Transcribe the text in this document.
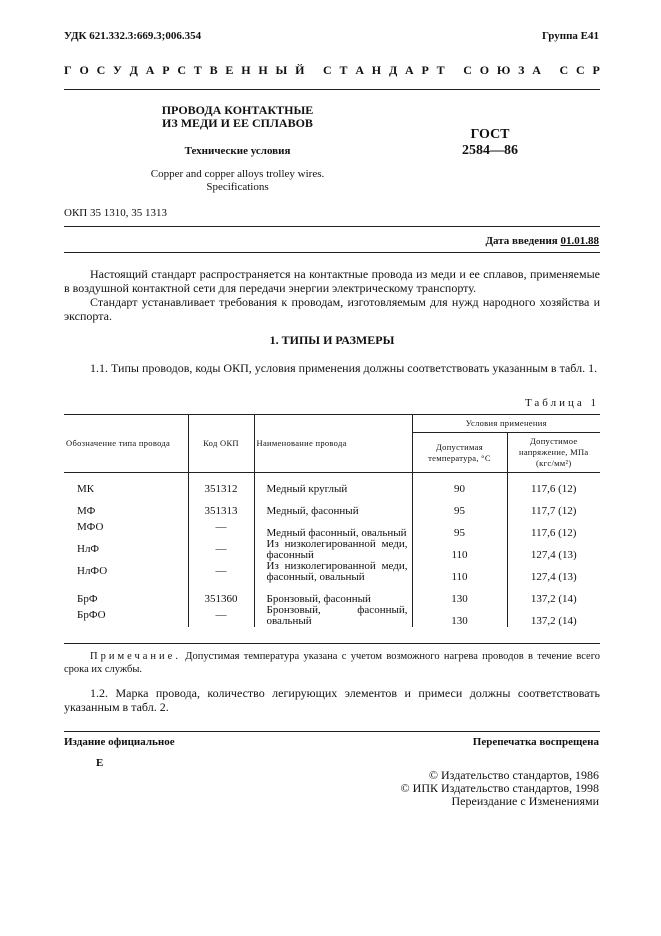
УДК 621.332.3:669.3;006.354	Группа Е41
Г О С У Д А Р С Т В Е Н Н Ы Й
С Т А Н Д А Р Т
С О Ю З А
С С Р
ПРОВОДА КОНТАКТНЫЕ
ИЗ МЕДИ И ЕЕ СПЛАВОВ
Технические условия
Copper and copper alloys trolley wires.
Specifications
ГОСТ
2584—86
ОКП 35 1310, 35 1313
Дата введения 01.01.88
Настоящий стандарт распространяется на контактные провода из меди и ее сплавов, применяемые в воздушной контактной сети для передачи энергии электрическому транспорту.
Стандарт устанавливает требования к проводам, изготовляемым для нужд народного хозяйства и экспорта.
1. ТИПЫ И РАЗМЕРЫ
1.1. Типы проводов, коды ОКП, условия применения должны соответствовать указанным в табл. 1.
Таблица 1
Обозначение типа провода	Код ОКП	Наименование провода	Условия применения	
			Допустимая температура, °С	Допустимое напряжение, МПа
(кгс/мм²)
МК	351312	Медный круглый	90	117,6 (12)
МФ	351313	Медный, фасонный	95	117,7 (12)
МФО	—	Медный фасонный, овальный	95	117,6 (12)
НлФ	—	Из низколегированной меди, фасонный	110	127,4 (13)
НлФО	—	Из низколегированной меди, фасонный, овальный	110	127,4 (13)
БрФ	351360	Бронзовый, фасонный	130	137,2 (14)
БрФО	—	Бронзовый, фасонный, овальный	130	137,2 (14)
Примечание. Допустимая температура указана с учетом возможного нагрева проводов в течение всего срока их службы.
1.2. Марка провода, количество легирующих элементов и примеси должны соответствовать указанным в табл. 2.
Издание официальное	Перепечатка воспрещена
Е
© Издательство стандартов, 1986
© ИПК Издательство стандартов, 1998
Переиздание с Изменениями
